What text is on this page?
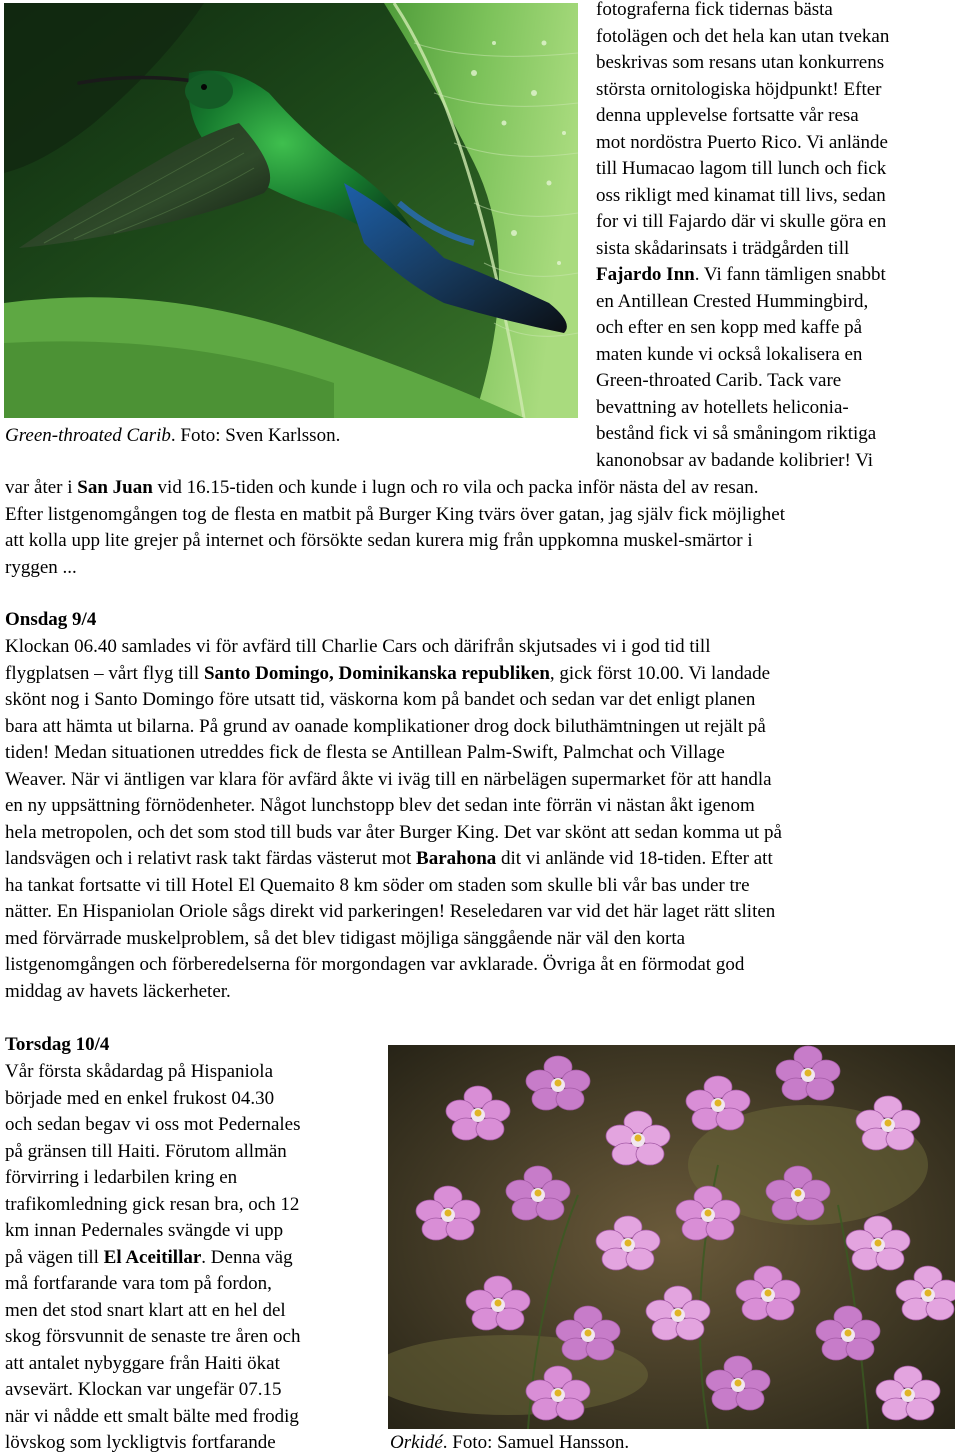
Green-throated Carib. Foto: Sven Karlsson.
fotograferna fick tidernas bästa
fotolägen och det hela kan utan tvekan
beskrivas som resans utan konkurrens
största ornitologiska höjdpunkt! Efter
denna upplevelse fortsatte vår resa
mot nordöstra Puerto Rico. Vi anlände
till Humacao lagom till lunch och fick
oss rikligt med kinamat till livs, sedan
for vi till Fajardo där vi skulle göra en
sista skådarinsats i trädgården till
Fajardo Inn. Vi fann tämligen snabbt
en Antillean Crested Hummingbird,
och efter en sen kopp med kaffe på
maten kunde vi också lokalisera en
Green-throated Carib. Tack vare
bevattning av hotellets heliconia-
bestånd fick vi så småningom riktiga
kanonobsar av badande kolibrier! Vi
var åter i San Juan vid 16.15-tiden och kunde i lugn och ro vila och packa inför nästa del av resan.
Efter listgenomgången tog de flesta en matbit på Burger King tvärs över gatan, jag själv fick möjlighet
att kolla upp lite grejer på internet och försökte sedan kurera mig från uppkomna muskel-smärtor i
ryggen ...
Onsdag 9/4
Klockan 06.40 samlades vi för avfärd till Charlie Cars och därifrån skjutsades vi i god tid till
flygplatsen – vårt flyg till Santo Domingo, Dominikanska republiken, gick först 10.00. Vi landade
skönt nog i Santo Domingo före utsatt tid, väskorna kom på bandet och sedan var det enligt planen
bara att hämta ut bilarna. På grund av oanade komplikationer drog dock biluthämtningen ut rejält på
tiden! Medan situationen utreddes fick de flesta se Antillean Palm-Swift, Palmchat och Village
Weaver. När vi äntligen var klara för avfärd åkte vi iväg till en närbelägen supermarket för att handla
en ny uppsättning förnödenheter. Något lunchstopp blev det sedan inte förrän vi nästan åkt igenom
hela metropolen, och det som stod till buds var åter Burger King. Det var skönt att sedan komma ut på
landsvägen och i relativt rask takt färdas västerut mot Barahona dit vi anlände vid 18-tiden. Efter att
ha tankat fortsatte vi till Hotel El Quemaito 8 km söder om staden som skulle bli vår bas under tre
nätter. En Hispaniolan Oriole sågs direkt vid parkeringen! Reseledaren var vid det här laget rätt sliten
med förvärrade muskelproblem, så det blev tidigast möjliga sänggående när väl den korta
listgenomgången och förberedelserna för morgondagen var avklarade. Övriga åt en förmodat god
middag av havets läckerheter.
Torsdag 10/4
Vår första skådardag på Hispaniola
började med en enkel frukost 04.30
och sedan begav vi oss mot Pedernales
på gränsen till Haiti. Förutom allmän
förvirring i ledarbilen kring en
trafikomledning gick resan bra, och 12
km innan Pedernales svängde vi upp
på vägen till El Aceitillar. Denna väg
må fortfarande vara tom på fordon,
men det stod snart klart att en hel del
skog försvunnit de senaste tre åren och
att antalet nybyggare från Haiti ökat
avsevärt. Klockan var ungefär 07.15
när vi nådde ett smalt bälte med frodig
lövskog som lyckligtvis fortfarande	Orkidé. Foto: Samuel Hansson.
